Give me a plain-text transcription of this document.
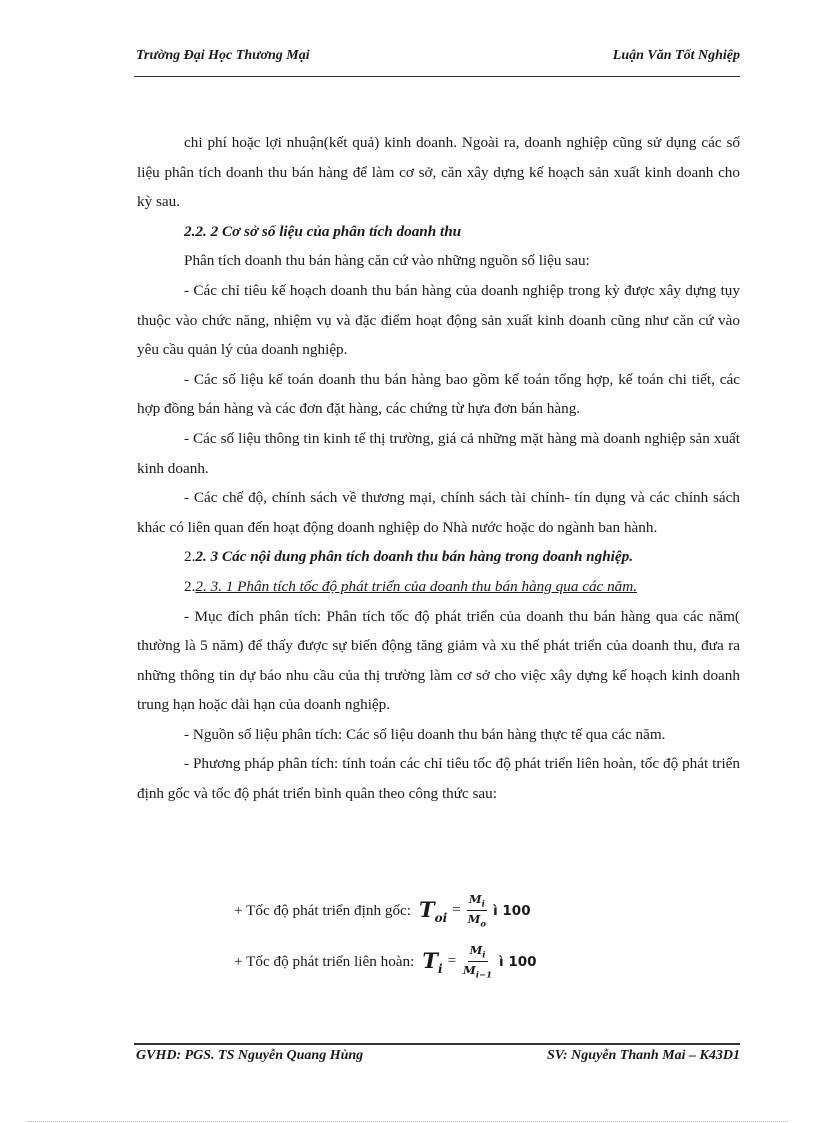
Trường Đại Học Thương Mại	Luận Văn Tốt Nghiệp

chi phí hoặc lợi nhuận(kết quả) kinh doanh. Ngoài ra, doanh nghiệp cũng sử dụng các số liệu phân tích doanh thu bán hàng để làm cơ sở, căn xây dựng kế hoạch sản xuất kinh doanh cho kỳ sau.

2.2. 2 Cơ sở số liệu của phân tích doanh thu

Phân tích doanh thu bán hàng căn cứ vào những nguồn số liệu sau:

- Các chỉ tiêu kế hoạch doanh thu bán hàng của doanh nghiệp trong kỳ được xây dựng tụy thuộc vào chức năng, nhiệm vụ và đặc điểm hoạt động sản xuất kinh doanh cũng như căn cứ vào yêu cầu quản lý của doanh nghiệp.

- Các số liệu kế toán doanh thu bán hàng bao gồm kế toán tổng hợp, kế toán chi tiết, các hợp đồng bán hàng và các đơn đặt hàng, các chứng từ hựa đơn bán hàng.

- Các số liệu thông tin kinh tế thị trường, giá cả những mặt hàng mà doanh nghiệp sản xuất kinh doanh.

- Các chế độ, chính sách về thương mại, chính sách tài chính- tín dụng và các chính sách khác có liên quan đến hoạt động doanh nghiệp do Nhà nước hoặc do ngành ban hành.

2.2. 3 Các nội dung phân tích doanh thu bán hàng trong doanh nghiệp.

2.2. 3. 1 Phân tích tốc độ phát triển của doanh thu bán hàng qua các năm.

- Mục đích phân tích: Phân tích tốc độ phát triển của doanh thu bán hàng qua các năm( thường là 5 năm) để thấy được sự biến động tăng giảm và xu thế phát triển của doanh thu, đưa ra những thông tin dự báo nhu cầu của thị trường làm cơ sở cho việc xây dựng kế hoạch kinh doanh trung hạn hoặc dài hạn của doanh nghiệp.

- Nguồn số liệu phân tích: Các số liệu doanh thu bán hàng thực tế qua các năm.

- Phương pháp phân tích: tính toán các chỉ tiêu tốc độ phát triển liên hoàn, tốc độ phát triển định gốc và tốc độ phát triển bình quân theo công thức sau:

+ Tốc độ phát triển định gốc: $T_{oi} = \frac{M_i}{M_o}$ ì 100
+ Tốc độ phát triển liên hoàn: $T_i = \frac{M_i}{M_{i-1}}$ ì 100
GVHD: PGS. TS Nguyễn Quang Hùng	SV: Nguyễn Thanh Mai – K43D1
